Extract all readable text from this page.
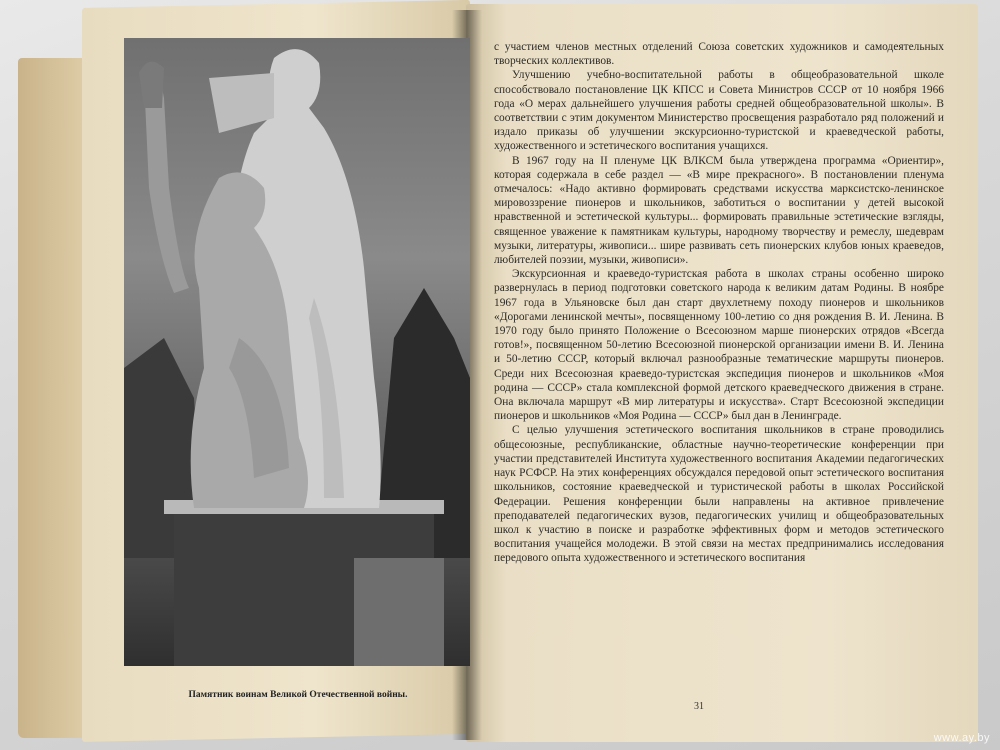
Памятник воинам Великой Отечественной войны.

с участием членов местных отделений Союза советских художников и самодеятельных творческих коллективов.

Улучшению учебно-воспитательной работы в общеобразовательной школе способствовало постановление ЦК КПСС и Совета Министров СССР от 10 ноября 1966 года «О мерах дальнейшего улучшения работы средней общеобразовательной школы». В соответствии с этим документом Министерство просвещения разработало ряд положений и издало приказы об улучшении экскурсионно-туристской и краеведческой работы, художественного и эстетического воспитания учащихся.

В 1967 году на II пленуме ЦК ВЛКСМ была утверждена программа «Ориентир», которая содержала в себе раздел — «В мире прекрасного». В постановлении пленума отмечалось: «Надо активно формировать средствами искусства марксистско-ленинское мировоззрение пионеров и школьников, заботиться о воспитании у детей высокой нравственной и эстетической культуры... формировать правильные эстетические взгляды, священное уважение к памятникам культуры, народному творчеству и ремеслу, шедеврам музыки, литературы, живописи... шире развивать сеть пионерских клубов юных краеведов, любителей поэзии, музыки, живописи».

Экскурсионная и краеведо-туристская работа в школах страны особенно широко развернулась в период подготовки советского народа к великим датам Родины. В ноябре 1967 года в Ульяновске был дан старт двухлетнему походу пионеров и школьников «Дорогами ленинской мечты», посвященному 100-летию со дня рождения В. И. Ленина. В 1970 году было принято Положение о Всесоюзном марше пионерских отрядов «Всегда готов!», посвященном 50-летию Всесоюзной пионерской организации имени В. И. Ленина и 50-летию СССР, который включал разнообразные тематические маршруты пионеров. Среди них Всесоюзная краеведо-туристская экспедиция пионеров и школьников «Моя родина — СССР» стала комплексной формой детского краеведческого движения в стране. Она включала маршрут «В мир литературы и искусства». Старт Всесоюзной экспедиции пионеров и школьников «Моя Родина — СССР» был дан в Ленинграде.

С целью улучшения эстетического воспитания школьников в стране проводились общесоюзные, республиканские, областные научно-теоретические конференции при участии представителей Института художественного воспитания Академии педагогических наук РСФСР. На этих конференциях обсуждался передовой опыт эстетического воспитания школьников, состояние краеведческой и туристической работы в школах Российской Федерации. Решения конференции были направлены на активное привлечение преподавателей педагогических вузов, педагогических училищ и общеобразовательных школ к участию в поиске и разработке эффективных форм и методов эстетического воспитания учащейся молодежи. В этой связи на местах предпринимались исследования передового опыта художественного и эстетического воспитания

31
www.ay.by
